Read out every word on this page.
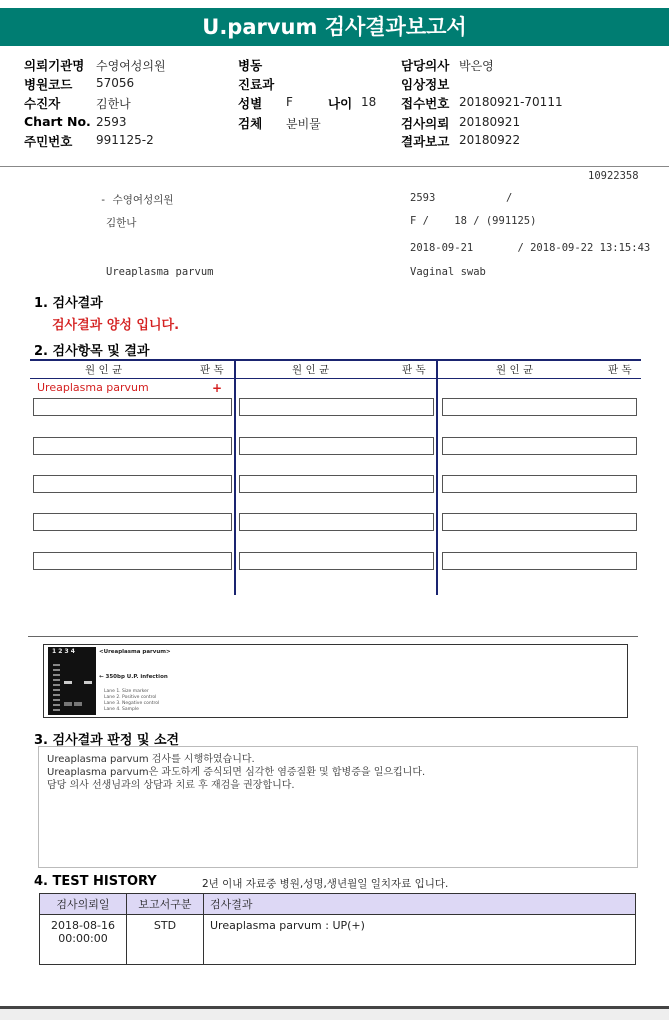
U.parvum 검사결과보고서
의뢰기관명 수영여성의원
병원코드 57056
수진자	김한나
Chart No. 2593
주민번호 991125-2
병동
진료과
성별 F	나이 18
검체 분비물
담당의사 박은영
임상정보
접수번호 20180921-70111
검사의뢰 20180921
결과보고 20180922
10922358
- 수영여성의원	2593	/
김한나	F /    18 / (991125)
2018-09-21       / 2018-09-22 13:15:43
Ureaplasma parvum	Vaginal swab
1. 검사결과
검사결과 양성 입니다.
2. 검사항목 및 결과
원 인 균	판 독	원 인 균	판 독	원 인 균	판 독
Ureaplasma parvum	+
1 2 3 4	<Ureaplasma parvum>
← 350bp U.P. infection
Lane 1. Size marker
Lane 2. Positive control
Lane 3. Negative control
Lane 4. Sample
3. 검사결과 판정 및 소견
Ureaplasma parvum 검사를 시행하였습니다.
Ureaplasma parvum은 과도하게 증식되면 심각한 염증질환 및 합병증을 일으킵니다.
담당 의사 선생님과의 상담과 치료 후 재검을 권장합니다.
4. TEST HISTORY	2년 이내 자료중 병원,성명,생년월일 일치자료 입니다.
검사의뢰일	보고서구분	검사결과

2018-08-16
00:00:00	STD	Ureaplasma parvum : UP(+)
